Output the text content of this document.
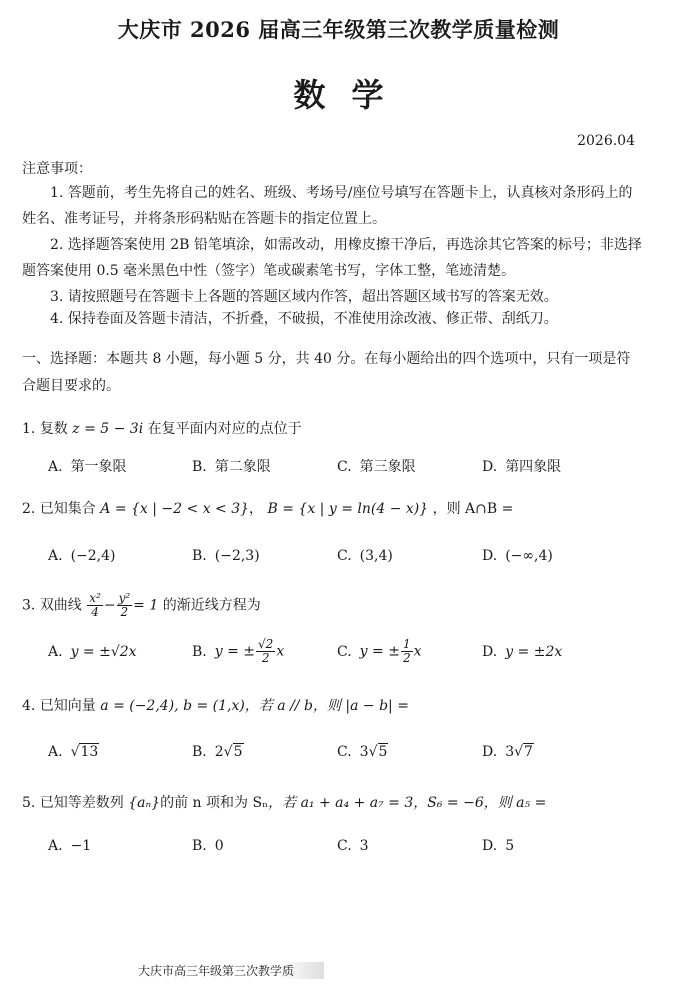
大庆市 2026 届高三年级第三次教学质量检测
数学
2026.04
注意事项：
1. 答题前，考生先将自己的姓名、班级、考场号/座位号填写在答题卡上，认真核对条形码上的姓名、准考证号，并将条形码粘贴在答题卡的指定位置上。
2. 选择题答案使用 2B 铅笔填涂，如需改动，用橡皮擦干净后，再选涂其它答案的标号；非选择题答案使用 0.5 毫米黑色中性（签字）笔或碳素笔书写，字体工整，笔迹清楚。
3. 请按照题号在答题卡上各题的答题区域内作答，超出答题区域书写的答案无效。
4. 保持卷面及答题卡清洁，不折叠，不破损，不准使用涂改液、修正带、刮纸刀。
一、选择题：本题共 8 小题，每小题 5 分，共 40 分。在每小题给出的四个选项中，只有一项是符合题目要求的。
1. 复数 z = 5 − 3i 在复平面内对应的点位于
A. 第一象限	B. 第二象限	C. 第三象限	D. 第四象限
2. 已知集合 A = {x | −2 < x < 3}， B = {x | y = ln(4 − x)} ，则 A∩B =
A. (−2,4)	B. (−2,3)	C. (3,4)	D. (−∞,4)
3. 双曲线 $\frac{\text{x²}}{4} - \frac{\text{y²}}{2} = 1$ 的渐近线方程为
A. y = ±√2x	B. y = ± $\frac{√2}{2}$ x	C. y = ± $\frac{1}{2}$ x	D. y = ±2x
4. 已知向量 a = (−2,4), b = (1,x)，若 a // b，则 |a − b| =
A. √13	B. 2√5	C. 3√5	D. 3√7
5. 已知等差数列 {aₙ}的前 n 项和为 Sₙ，若 a₁ + a₄ + a₇ = 3，S₆ = −6，则 a₅ =
A. −1	B. 0	C. 3	D. 5
大庆市高三年级第三次教学质
